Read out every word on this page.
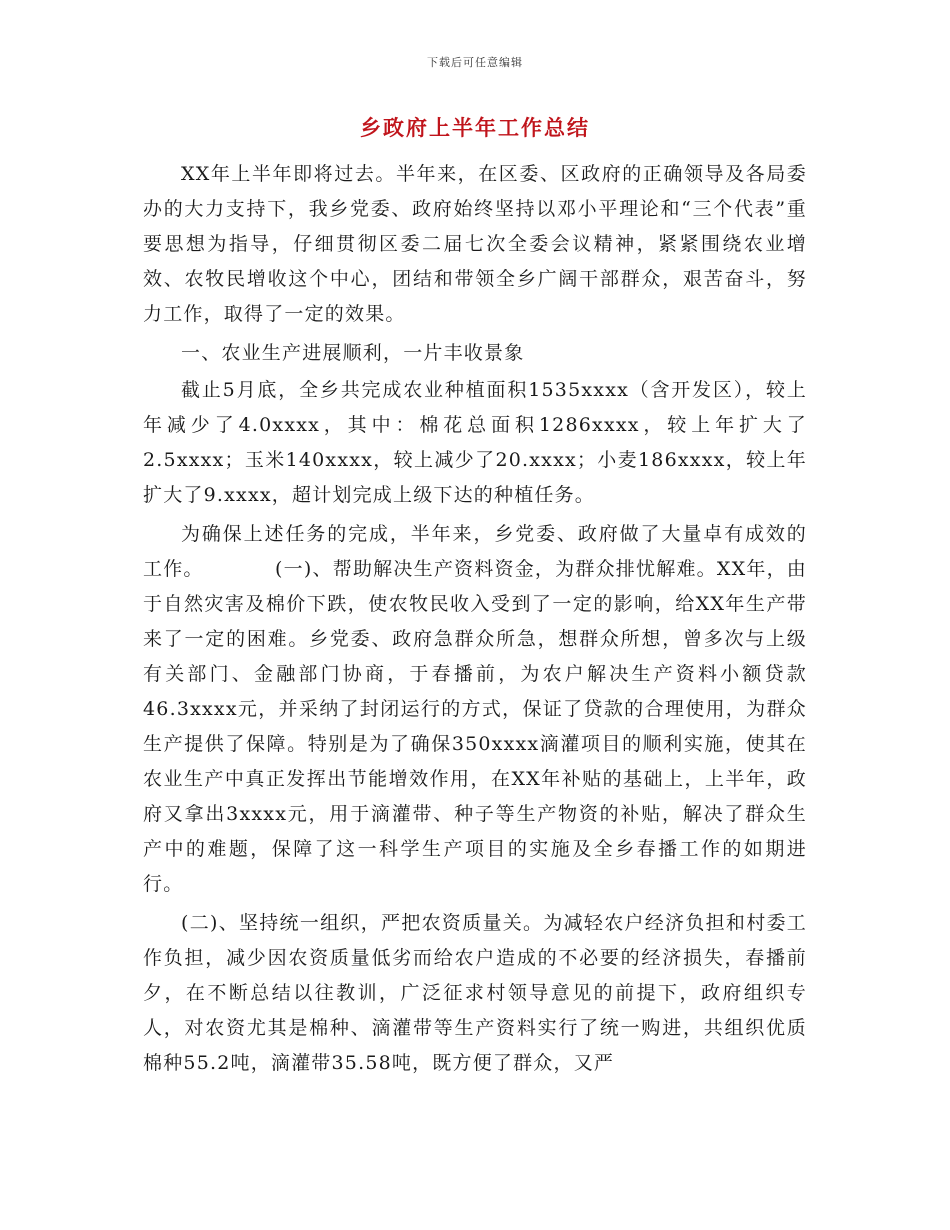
下载后可任意编辑
乡政府上半年工作总结

XX年上半年即将过去。半年来，在区委、区政府的正确领导及各局委办的大力支持下，我乡党委、政府始终坚持以邓小平理论和“三个代表”重要思想为指导，仔细贯彻区委二届七次全委会议精神，紧紧围绕农业增效、农牧民增收这个中心，团结和带领全乡广阔干部群众，艰苦奋斗，努力工作，取得了一定的效果。

一、农业生产进展顺利，一片丰收景象

截止5月底，全乡共完成农业种植面积1535xxxx（含开发区），较上年减少了4.0xxxx，其中：棉花总面积1286xxxx，较上年扩大了2.5xxxx；玉米140xxxx，较上减少了20.xxxx；小麦186xxxx，较上年扩大了9.xxxx，超计划完成上级下达的种植任务。

为确保上述任务的完成，半年来，乡党委、政府做了大量卓有成效的工作。　　　　(一)、帮助解决生产资料资金，为群众排忧解难。XX年，由于自然灾害及棉价下跌，使农牧民收入受到了一定的影响，给XX年生产带来了一定的困难。乡党委、政府急群众所急，想群众所想，曾多次与上级有关部门、金融部门协商，于春播前，为农户解决生产资料小额贷款46.3xxxx元，并采纳了封闭运行的方式，保证了贷款的合理使用，为群众生产提供了保障。特别是为了确保350xxxx滴灌项目的顺利实施，使其在农业生产中真正发挥出节能增效作用，在XX年补贴的基础上，上半年，政府又拿出3xxxx元，用于滴灌带、种子等生产物资的补贴，解决了群众生产中的难题，保障了这一科学生产项目的实施及全乡春播工作的如期进行。

(二)、坚持统一组织，严把农资质量关。为减轻农户经济负担和村委工作负担，减少因农资质量低劣而给农户造成的不必要的经济损失，春播前夕，在不断总结以往教训，广泛征求村领导意见的前提下，政府组织专人，对农资尤其是棉种、滴灌带等生产资料实行了统一购进，共组织优质棉种55.2吨，滴灌带35.58吨，既方便了群众，又严
